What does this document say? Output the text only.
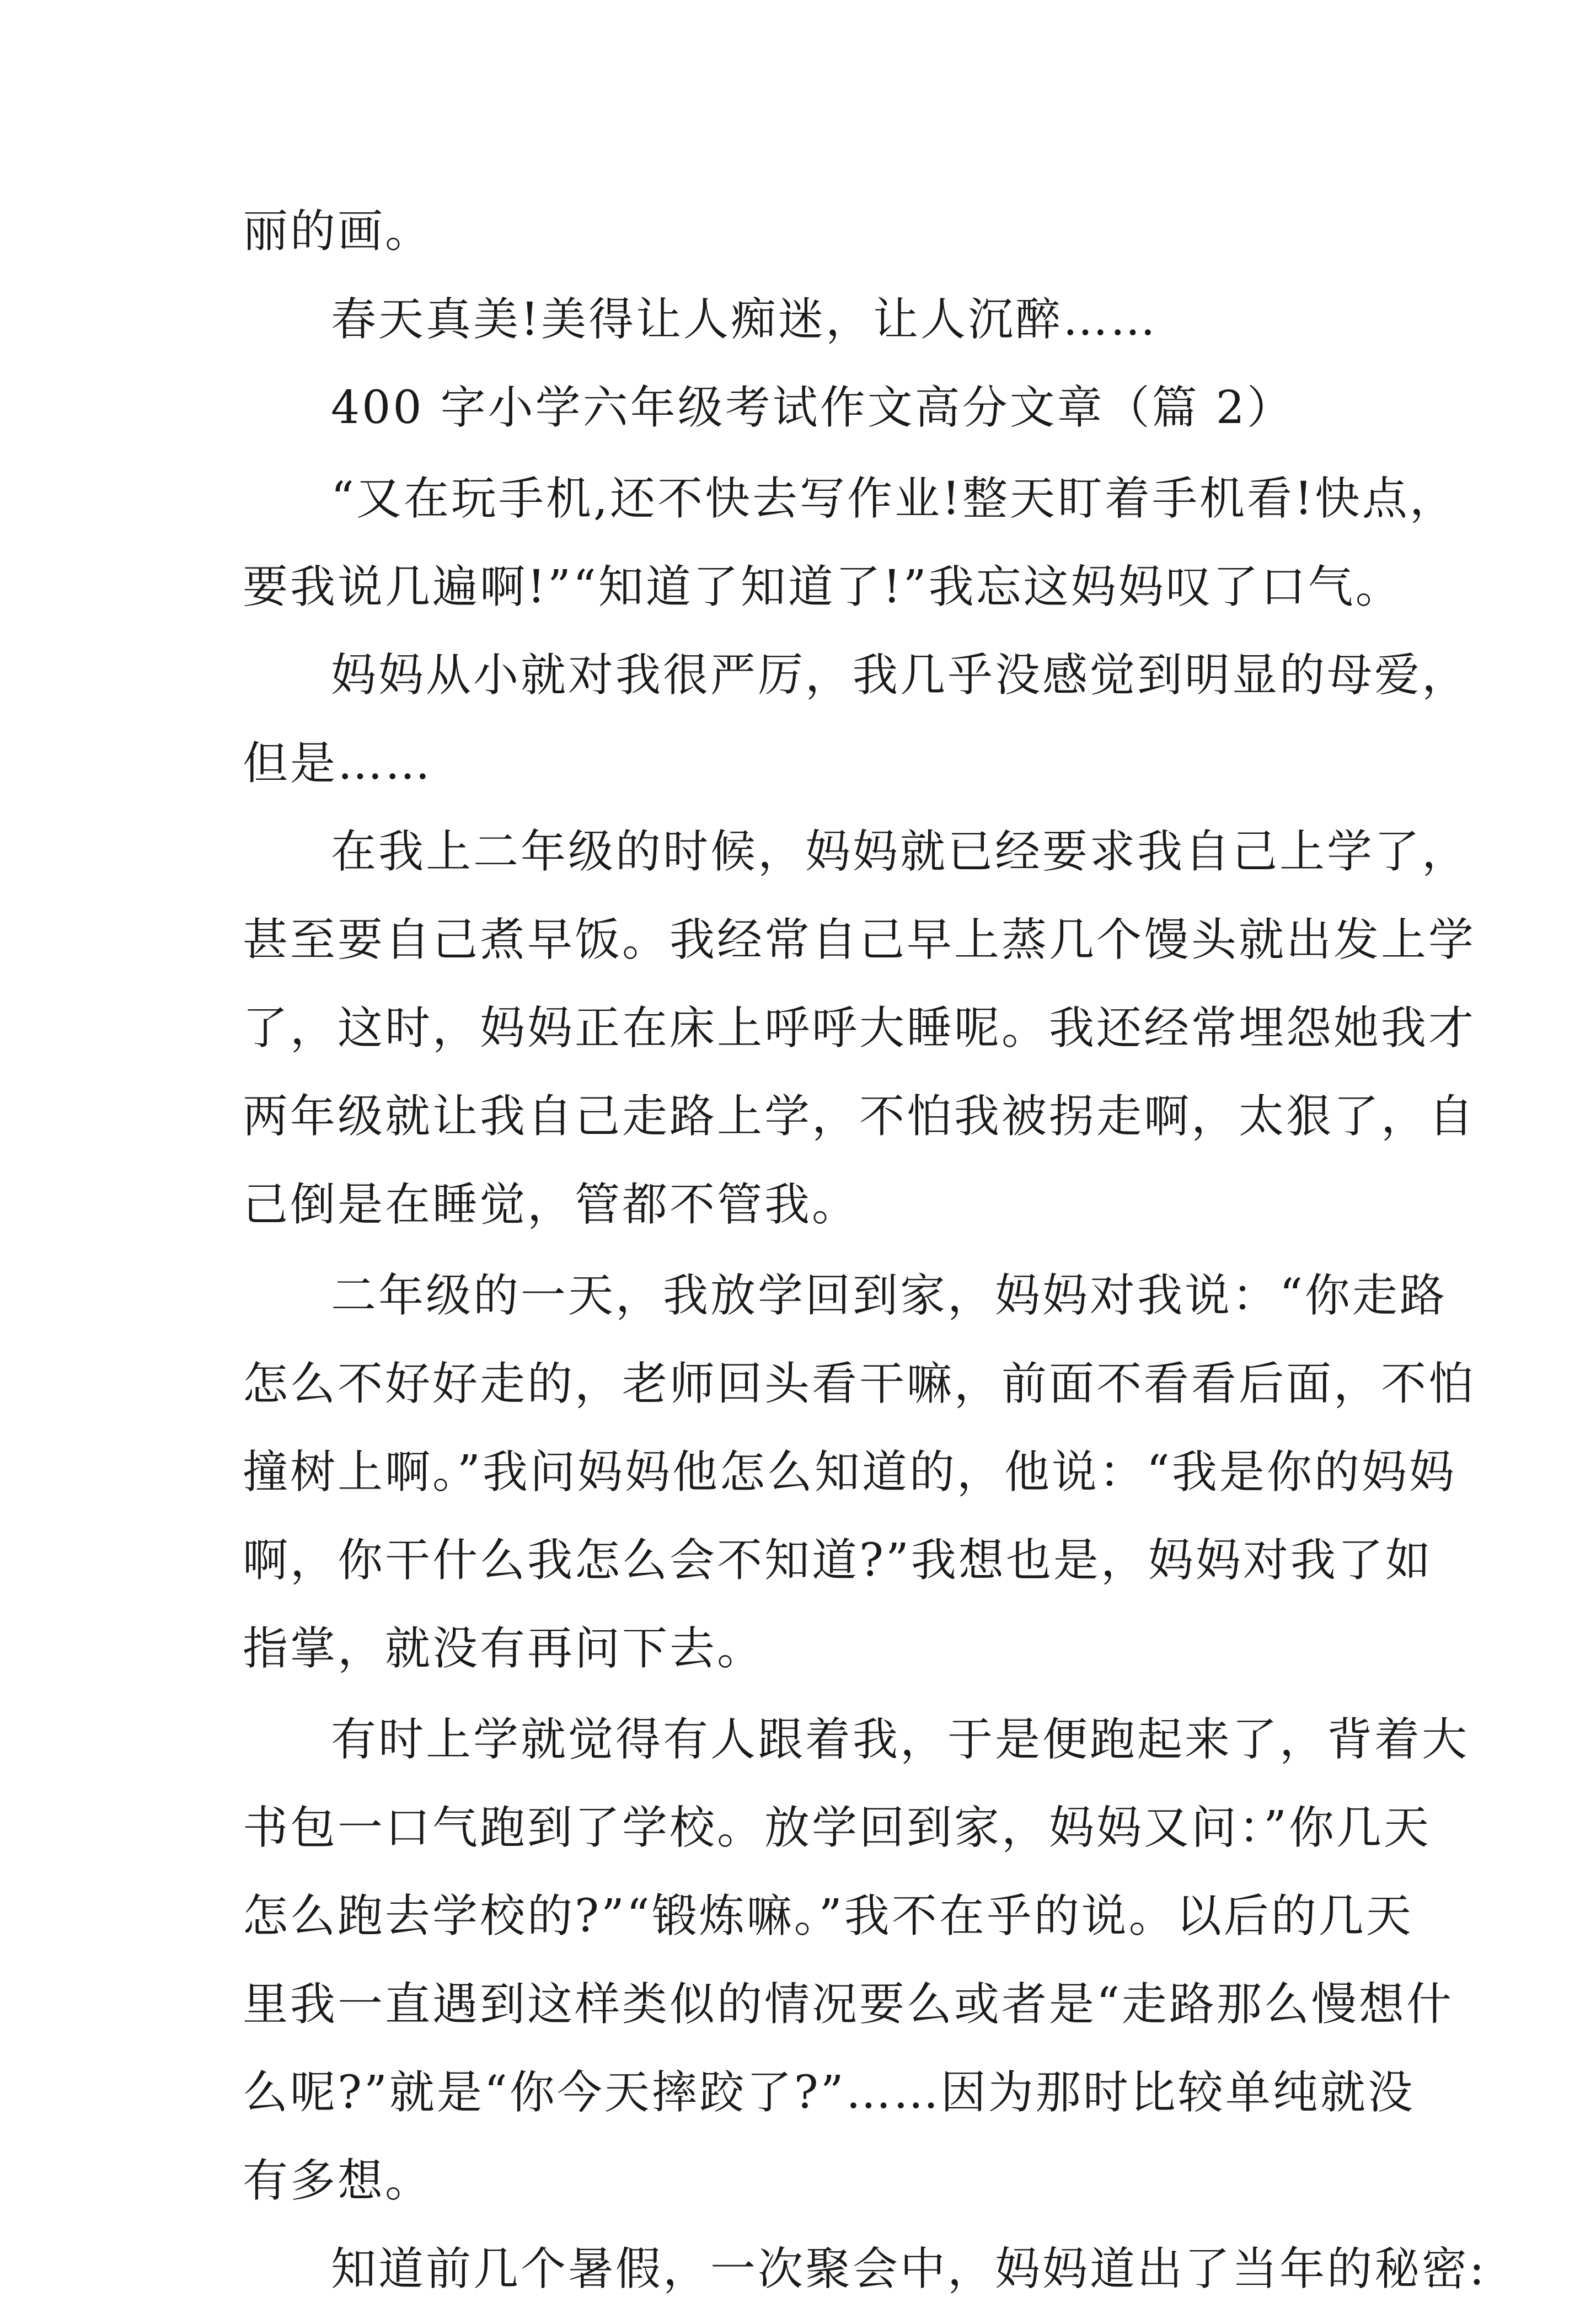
丽的画。
春天真美!美得让人痴迷，让人沉醉……
400 字小学六年级考试作文高分文章（篇 2）
“又在玩手机,还不快去写作业!整天盯着手机看!快点，
要我说几遍啊!”“知道了知道了!”我忘这妈妈叹了口气。
妈妈从小就对我很严厉，我几乎没感觉到明显的母爱，
但是……
在我上二年级的时候，妈妈就已经要求我自己上学了，
甚至要自己煮早饭。我经常自己早上蒸几个馒头就出发上学
了，这时，妈妈正在床上呼呼大睡呢。我还经常埋怨她我才
两年级就让我自己走路上学，不怕我被拐走啊，太狠了，自
己倒是在睡觉，管都不管我。
二年级的一天，我放学回到家，妈妈对我说：“你走路
怎么不好好走的，老师回头看干嘛，前面不看看后面，不怕
撞树上啊。”我问妈妈他怎么知道的，他说：“我是你的妈妈
啊，你干什么我怎么会不知道?”我想也是，妈妈对我了如
指掌，就没有再问下去。
有时上学就觉得有人跟着我，于是便跑起来了，背着大
书包一口气跑到了学校。放学回到家，妈妈又问：”你几天
怎么跑去学校的?”“锻炼嘛。”我不在乎的说。以后的几天
里我一直遇到这样类似的情况要么或者是“走路那么慢想什
么呢?”就是“你今天摔跤了?”……因为那时比较单纯就没
有多想。
知道前几个暑假，一次聚会中，妈妈道出了当年的秘密:
